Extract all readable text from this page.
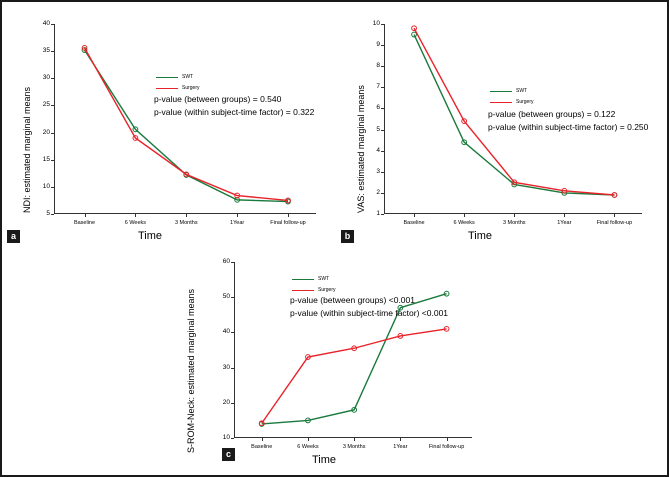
NDI: estimated marginal means
Time
p-value (between groups) = 0.540
p-value (within subject-time factor) = 0.322
a
5
10
15
20
25
30
35
40
Baseline	6 Weeks	3 Months	1Year	Final follow-up
SWT
Surgery	VAS: estimated marginal means
Time
p-value (between groups) = 0.122
p-value (within subject-time factor) = 0.250
b
1
2
3
4
5
6
7
8
9
10
Baseline	6 Weeks	3 Months	1Year	Final follow-up
SWT
Surgery
S-ROM-Neck: estimated marginal means
Time
p-value (between groups) <0.001
p-value (within subject-time factor) <0.001
c
10
20
30
40
50
60
Baseline	6 Weeks	3 Months	1Year	Final follow-up
SWT
Surgery
